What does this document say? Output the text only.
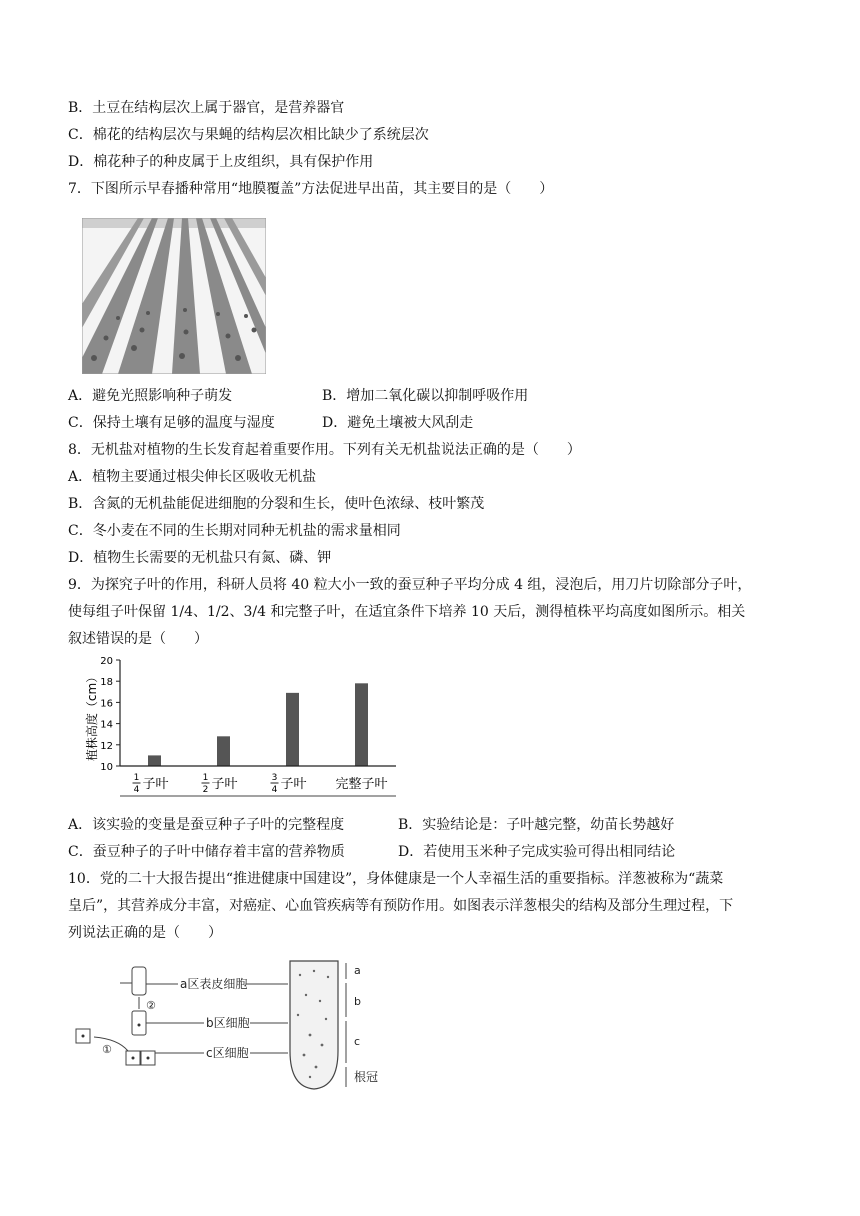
B．土豆在结构层次上属于器官，是营养器官
C．棉花的结构层次与果蝇的结构层次相比缺少了系统层次
D．棉花种子的种皮属于上皮组织，具有保护作用
7．下图所示早春播种常用“地膜覆盖”方法促进早出苗，其主要目的是（　　）
A．避免光照影响种子萌发	B．增加二氧化碳以抑制呼吸作用
C．保持土壤有足够的温度与湿度	D．避免土壤被大风刮走
8．无机盐对植物的生长发育起着重要作用。下列有关无机盐说法正确的是（　　）
A．植物主要通过根尖伸长区吸收无机盐
B．含氮的无机盐能促进细胞的分裂和生长，使叶色浓绿、枝叶繁茂
C．冬小麦在不同的生长期对同种无机盐的需求量相同
D．植物生长需要的无机盐只有氮、磷、钾
9．为探究子叶的作用，科研人员将 40 粒大小一致的蚕豆种子平均分成 4 组，浸泡后，用刀片切除部分子叶，
使每组子叶保留 1/4、1/2、3/4 和完整子叶，在适宜条件下培养 10 天后，测得植株平均高度如图所示。相关
叙述错误的是（　　）
植株高度（cm）
10
12
14
16
18
20
1
4 子叶	1
2 子叶	3
4 子叶 完整子叶
A．该实验的变量是蚕豆种子子叶的完整程度	B．实验结论是：子叶越完整，幼苗长势越好
C．蚕豆种子的子叶中储存着丰富的营养物质	D．若使用玉米种子完成实验可得出相同结论
10．党的二十大报告提出“推进健康中国建设”，身体健康是一个人幸福生活的重要指标。洋葱被称为“蔬菜
皇后”，其营养成分丰富，对癌症、心血管疾病等有预防作用。如图表示洋葱根尖的结构及部分生理过程，下
列说法正确的是（　　）
a
b
c
根冠
a区表皮细胞
b区细胞
c区细胞
②
①
